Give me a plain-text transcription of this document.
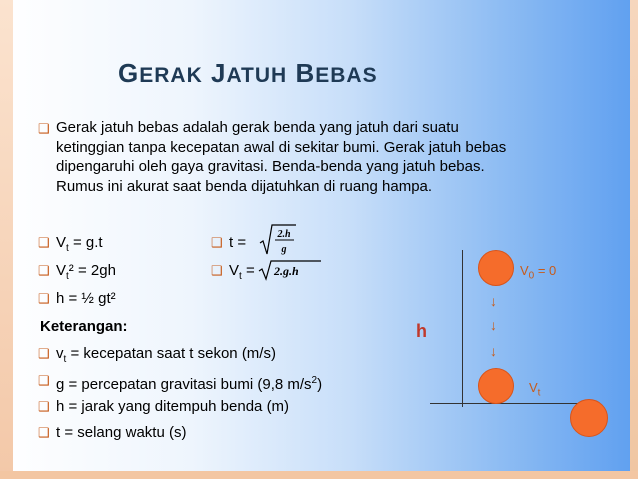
GERAK JATUH BEBAS
❑ Gerak jatuh bebas adalah gerak benda yang jatuh dari suatu
ketinggian tanpa kecepatan awal di sekitar bumi. Gerak jatuh bebas
dipengaruhi oleh gaya gravitasi. Benda-benda yang jatuh bebas.
Rumus ini akurat saat benda dijatuhkan di ruang hampa.
❑ $V_t = g.t$
❑ $V_t^2 = 2gh$
❑ h = ½ gt²
❑ t =	2.h
g
❑ $V_t = 2.g.h$
Keterangan:
❑ $v_t$ = kecepatan saat t sekon (m/s)
❑ g = percepatan gravitasi bumi (9,8 $m/s^2$)
❑ h = jarak yang ditempuh benda (m)
❑ t = selang waktu (s)
h
$V_0 = 0$
↓
↓
↓
$V_t$
